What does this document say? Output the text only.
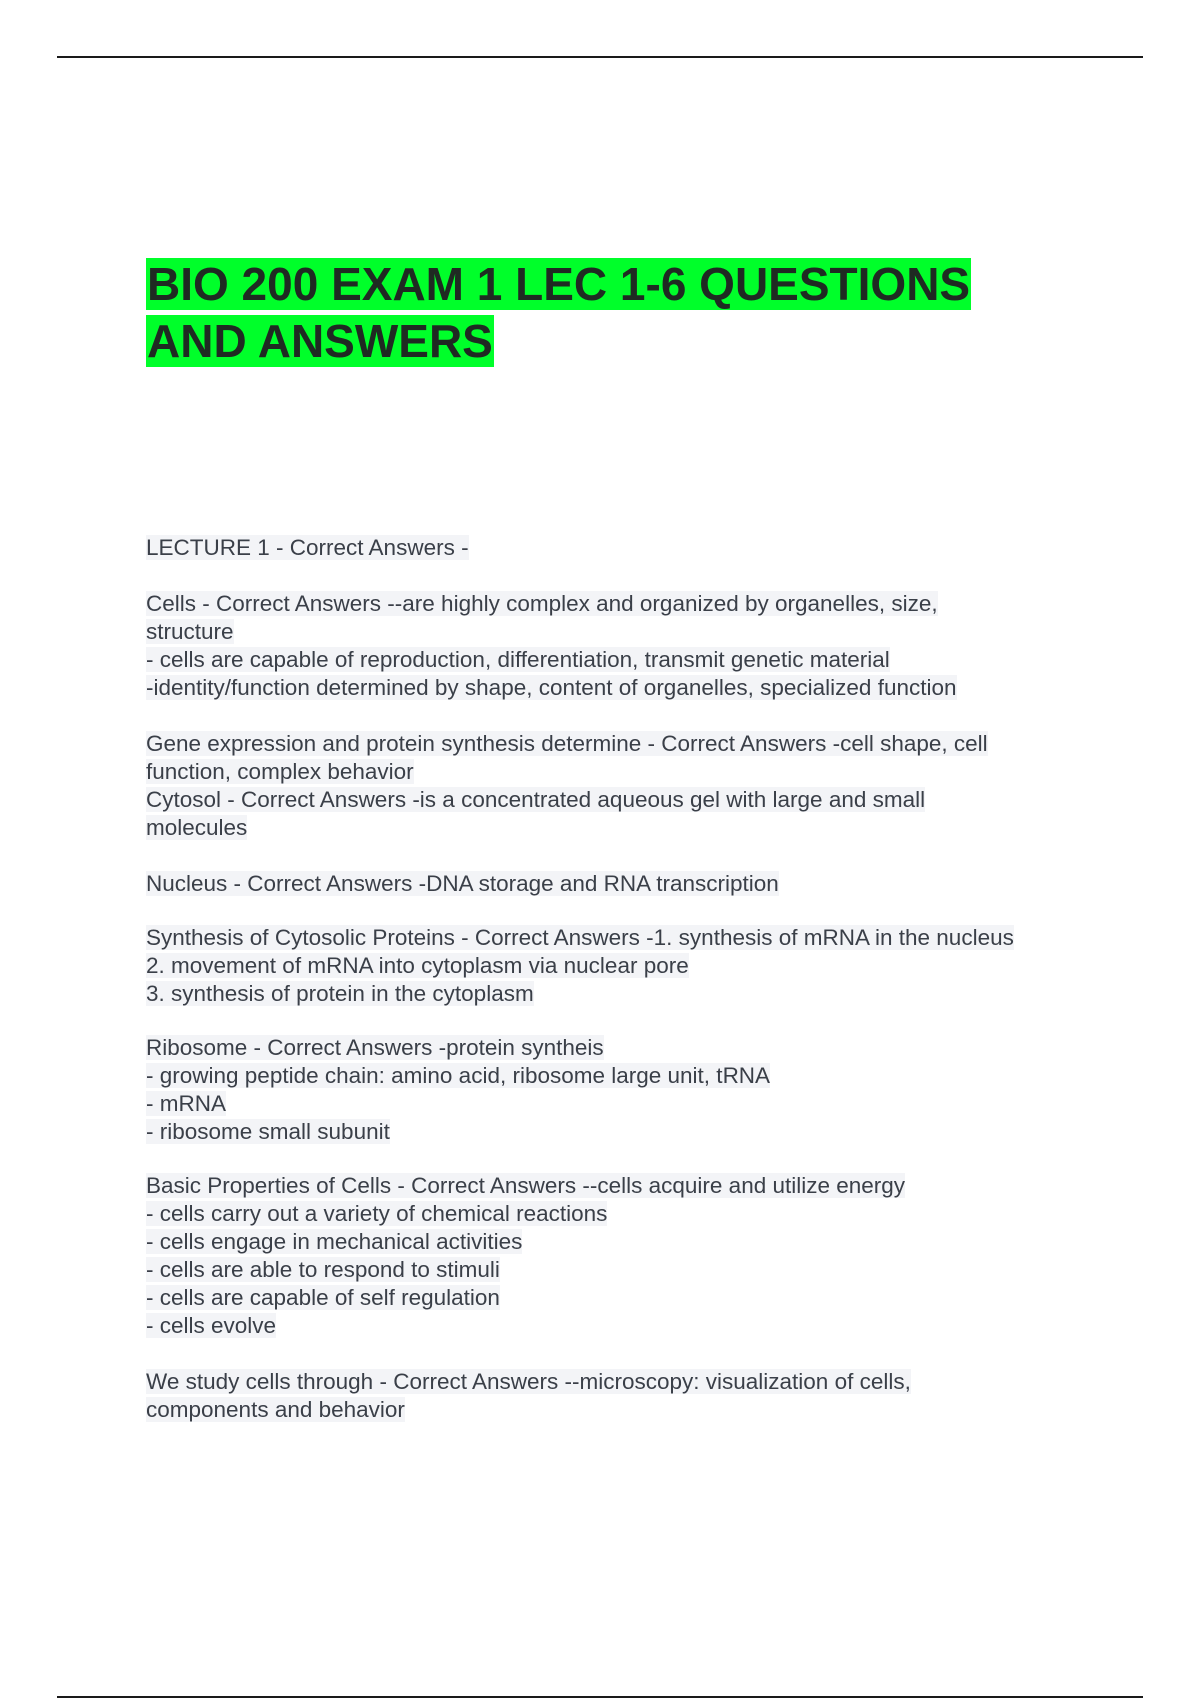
BIO 200 EXAM 1 LEC 1-6 QUESTIONS
AND ANSWERS
LECTURE 1 - Correct Answers -
Cells - Correct Answers --are highly complex and organized by organelles, size,
structure
- cells are capable of reproduction, differentiation, transmit genetic material
-identity/function determined by shape, content of organelles, specialized function
Gene expression and protein synthesis determine - Correct Answers -cell shape, cell
function, complex behavior
Cytosol - Correct Answers -is a concentrated aqueous gel with large and small
molecules
Nucleus - Correct Answers -DNA storage and RNA transcription
Synthesis of Cytosolic Proteins - Correct Answers -1. synthesis of mRNA in the nucleus
2. movement of mRNA into cytoplasm via nuclear pore
3. synthesis of protein in the cytoplasm
Ribosome - Correct Answers -protein syntheis
- growing peptide chain: amino acid, ribosome large unit, tRNA
- mRNA
- ribosome small subunit
Basic Properties of Cells - Correct Answers --cells acquire and utilize energy
- cells carry out a variety of chemical reactions
- cells engage in mechanical activities
- cells are able to respond to stimuli
- cells are capable of self regulation
- cells evolve
We study cells through - Correct Answers --microscopy: visualization of cells,
components and behavior
